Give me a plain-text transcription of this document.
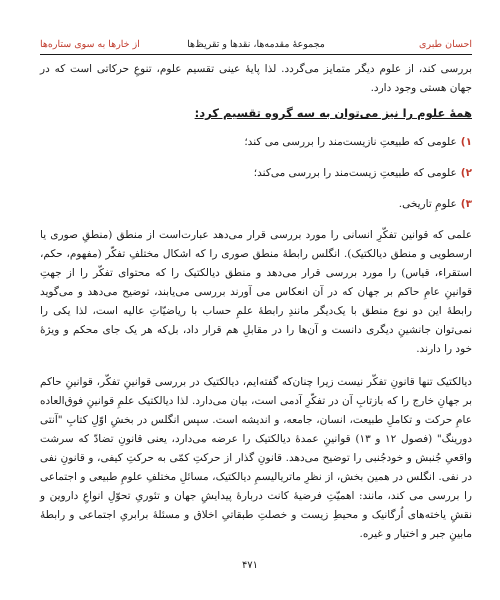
احسان طبری
مجموعهٔ مقدمه‌ها، نقدها و تقریظ‌ها
از خارها به سوی ستاره‌ها

بررسی کند، از علوم دیگر متمایز می‌گردد. لذا پایهٔ عینی تقسیم علوم، تنوعِ حرکاتی است که در جهان هستی وجود دارد.

همهٔ علوم را نیز می‌توان به سه گروه تقسیم کرد:

۱)علومی که طبیعتِ نازیست‌مند را بررسی می کند؛

۲)علومی که طبیعتِ زیست‌مند را بررسی می‌کند؛

۳)علومِ تاریخی.

علمی که قوانین تفکّرِ انسانی را مورد بررسی قرار می‌دهد عبارت‌است از منطق (منطقِ صوری یا ارسطویی و منطق دیالکتیک). انگلس رابطهٔ منطق صوری را که اشکال مختلفِ تفکّر (مفهوم، حکم، استقراء، قیاس) را مورد بررسی قرار می‌دهد و منطق دیالکتیک را که محتوای تفکّر را از جهتِ قوانینِ عامِ حاکم بر جهان که در آن انعکاس می آورند بررسی می‌یابند، توضیح می‌دهد و می‌گوید رابطهٔ این دو نوع منطق با یک‌دیگر مانندِ رابطهٔ علمِ حساب با ریاضیّاتِ عالیه است، لذا یکی را نمی‌توان جانشینِ دیگری دانست و آن‌ها را در مقابلِ هم قرار داد، بل‌که هر یک جای محکم و ویژهٔ خود را دارند.

دیالکتیک تنها قانونِ تفکّر نیست زیرا چنان‌که گفته‌ایم، دیالکتیک در بررسی قوانینِ تفکّر، قوانینِ حاکم بر جهانِ خارج را که بازتابِ آن در تفکّرِ آدمی است، بیان می‌دارد. لذا دیالکتیک علمِ قوانینِ فوق‌العاده عامِ حرکت و تکاملِ طبیعت، انسان، جامعه، و اندیشه است. سپس انگلس در بخشِ اوّلِ کتابِ "آنتی دورینگ" (فصول ۱۲ و ۱۳) قوانینِ عمدهٔ دیالکتیک را عرضه می‌دارد، یعنی قانونِ تضادّ که سرشت واقعیِ جُنبش و خودجُنبی را توضیح می‌دهد. قانونِ گذار از حرکتِ کمّی به حرکتِ کیفی، و قانونِ نفی در نفی. انگلس در همین بخش، از نظرِ ماتریالیسمِ دیالکتیک، مسائلِ مختلفِ علومِ طبیعی و اجتماعی را بررسی می کند، مانند: اهمیّتِ فرضیهٔ کانت دربارهٔ پیدایشِ جهان و تئوریِ تحوّلِ انواعِ داروین و نقشِ یاخته‌های اُرگانیک و محیطِ زیست و خصلتِ طبقاتیِ اخلاق و مسئلهٔ برابریِ اجتماعی و رابطهٔ مابینِ جبر و اختیار و غیره.

۴۷۱
